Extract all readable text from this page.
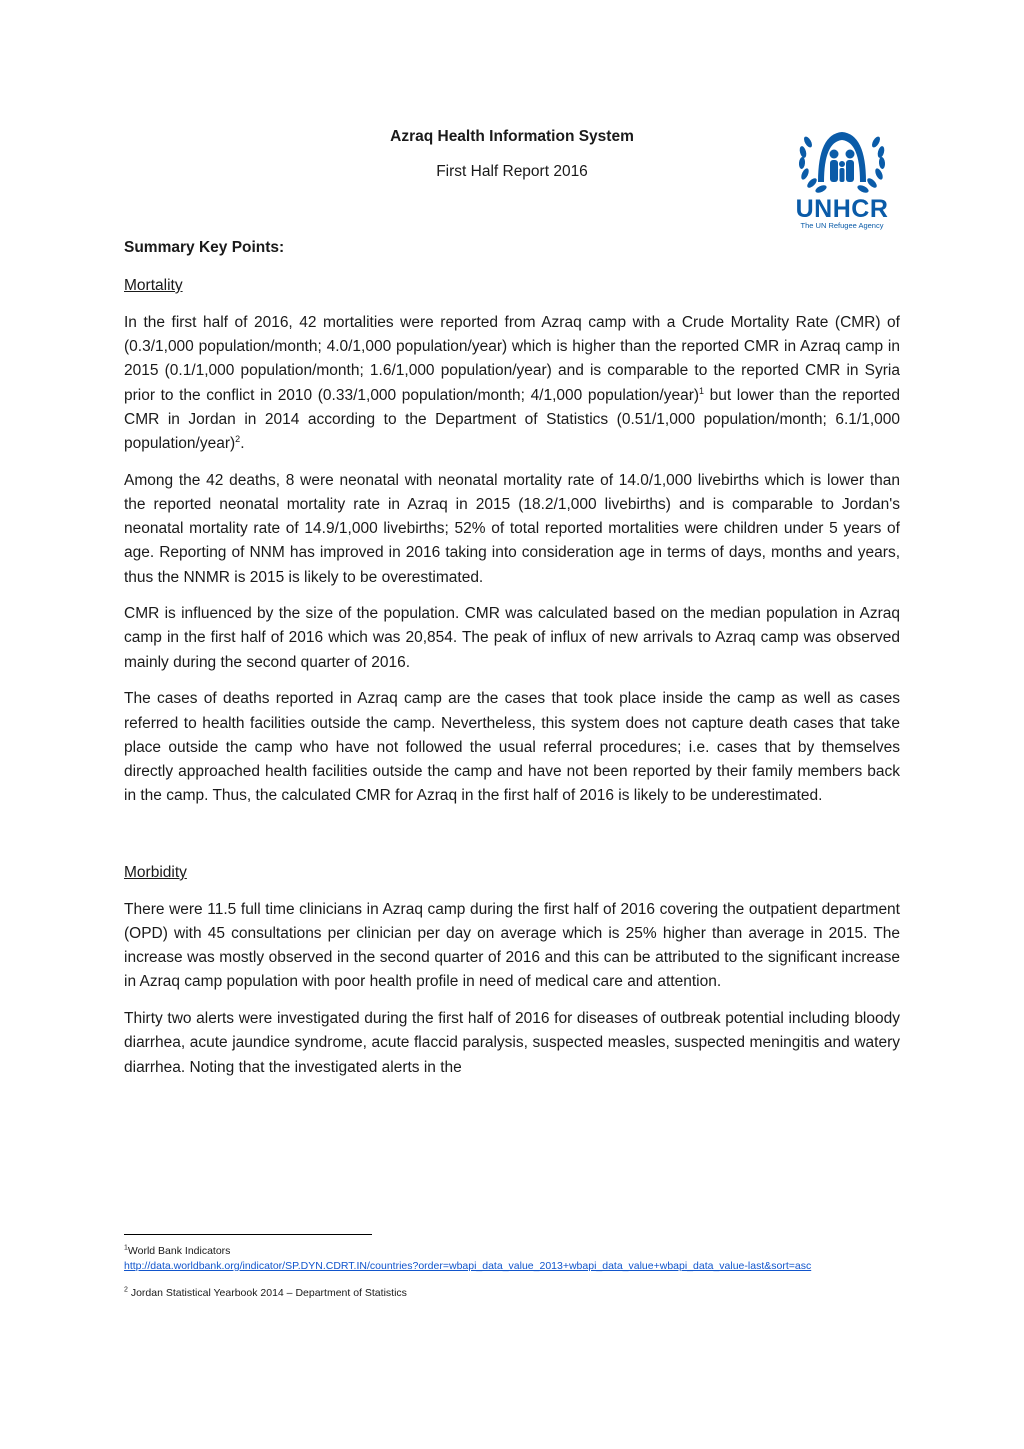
UNHCR
The UN Refugee Agency
Azraq Health Information System
First Half Report 2016
Summary Key Points:
Mortality

In the first half of 2016, 42 mortalities were reported from Azraq camp with a Crude Mortality Rate (CMR) of (0.3/1,000 population/month; 4.0/1,000 population/year) which is higher than the reported CMR in Azraq camp in 2015 (0.1/1,000 population/month; 1.6/1,000 population/year) and is comparable to the reported CMR in Syria prior to the conflict in 2010 (0.33/1,000 population/month; 4/1,000 population/year)$^1$ but lower than the reported CMR in Jordan in 2014 according to the Department of Statistics (0.51/1,000 population/month; 6.1/1,000 population/year)$^2$.

Among the 42 deaths, 8 were neonatal with neonatal mortality rate of 14.0/1,000 livebirths which is lower than the reported neonatal mortality rate in Azraq in 2015 (18.2/1,000 livebirths) and is comparable to Jordan's neonatal mortality rate of 14.9/1,000 livebirths; 52% of total reported mortalities were children under 5 years of age. Reporting of NNM has improved in 2016 taking into consideration age in terms of days, months and years, thus the NNMR is 2015 is likely to be overestimated.

CMR is influenced by the size of the population. CMR was calculated based on the median population in Azraq camp in the first half of 2016 which was 20,854. The peak of influx of new arrivals to Azraq camp was observed mainly during the second quarter of 2016.

The cases of deaths reported in Azraq camp are the cases that took place inside the camp as well as cases referred to health facilities outside the camp. Nevertheless, this system does not capture death cases that take place outside the camp who have not followed the usual referral procedures; i.e. cases that by themselves directly approached health facilities outside the camp and have not been reported by their family members back in the camp. Thus, the calculated CMR for Azraq in the first half of 2016 is likely to be underestimated.

Morbidity

There were 11.5 full time clinicians in Azraq camp during the first half of 2016 covering the outpatient department (OPD) with 45 consultations per clinician per day on average which is 25% higher than average in 2015. The increase was mostly observed in the second quarter of 2016 and this can be attributed to the significant increase in Azraq camp population with poor health profile in need of medical care and attention.

Thirty two alerts were investigated during the first half of 2016 for diseases of outbreak potential including bloody diarrhea, acute jaundice syndrome, acute flaccid paralysis, suspected measles, suspected meningitis and watery diarrhea. Noting that the investigated alerts in the

$^1$World Bank Indicators
http://data.worldbank.org/indicator/SP.DYN.CDRT.IN/countries?order=wbapi_data_value_2013+wbapi_data_value+wbapi_data_value-last&sort=asc
$^2$ Jordan Statistical Yearbook 2014 – Department of Statistics
